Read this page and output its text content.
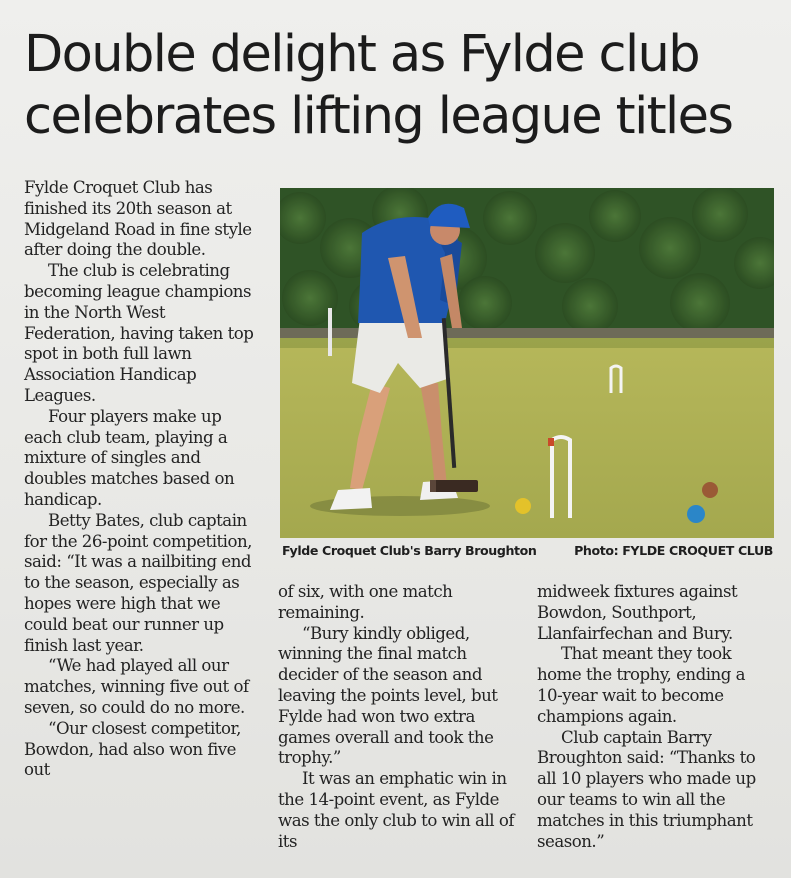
Double delight as Fylde club celebrates lifting league titles

Fylde Croquet Club has finished its 20th season at Midgeland Road in fine style after doing the double.

The club is celebrating becoming league champions in the North West Federation, having taken top spot in both full lawn Association Handicap Leagues.

Four players make up each club team, playing a mixture of singles and doubles matches based on handicap.

Betty Bates, club captain for the 26-point competition, said: “It was a nailbiting end to the season, especially as hopes were high that we could beat our runner up finish last year.

“We had played all our matches, winning five out of seven, so could do no more.

“Our closest competitor, Bowdon, had also won five out

Fylde Croquet Club's Barry Broughton	Photo: FYLDE CROQUET CLUB

of six, with one match remaining.

“Bury kindly obliged, winning the final match decider of the season and leaving the points level, but Fylde had won two extra games overall and took the trophy.”

It was an emphatic win in the 14-point event, as Fylde was the only club to win all of its

midweek fixtures against Bowdon, Southport, Llanfairfechan and Bury.

That meant they took home the trophy, ending a 10-year wait to become champions again.

Club captain Barry Broughton said: “Thanks to all 10 players who made up our teams to win all the matches in this triumphant season.”
